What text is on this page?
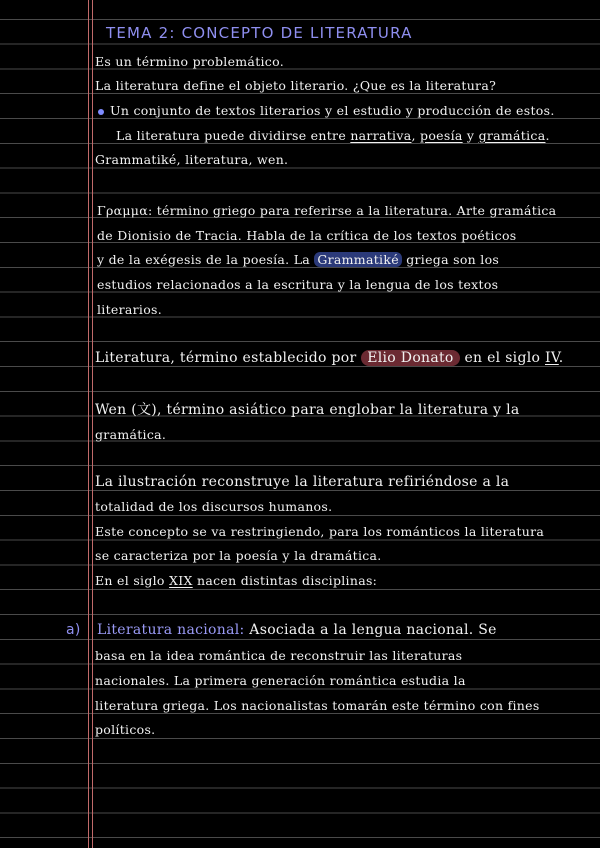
TEMA 2: CONCEPTO DE LITERATURA
Es un término problemático.
La literatura define el objeto literario. ¿Que es la literatura?
Un conjunto de textos literarios y el estudio y producción de estos.
La literatura puede dividirse entre narrativa, poesía y gramática.
Grammatiké, literatura, wen.
Γραμμα: término griego para referirse a la literatura. Arte gramática
de Dionisio de Tracia. Habla de la crítica de los textos poéticos
y de la exégesis de la poesía. La Grammatiké griega son los
estudios relacionados a la escritura y la lengua de los textos
literarios.
Literatura, término establecido por Elio Donato en el siglo IV.
Wen (文), término asiático para englobar la literatura y la
gramática.
La ilustración reconstruye la literatura refiriéndose a la
totalidad de los discursos humanos.
Este concepto se va restringiendo, para los románticos la literatura
se caracteriza por la poesía y la dramática.
En el siglo XIX nacen distintas disciplinas:
a) Literatura nacional: Asociada a la lengua nacional. Se
basa en la idea romántica de reconstruir las literaturas
nacionales. La primera generación romántica estudia la
literatura griega. Los nacionalistas tomarán este término con fines
políticos.
